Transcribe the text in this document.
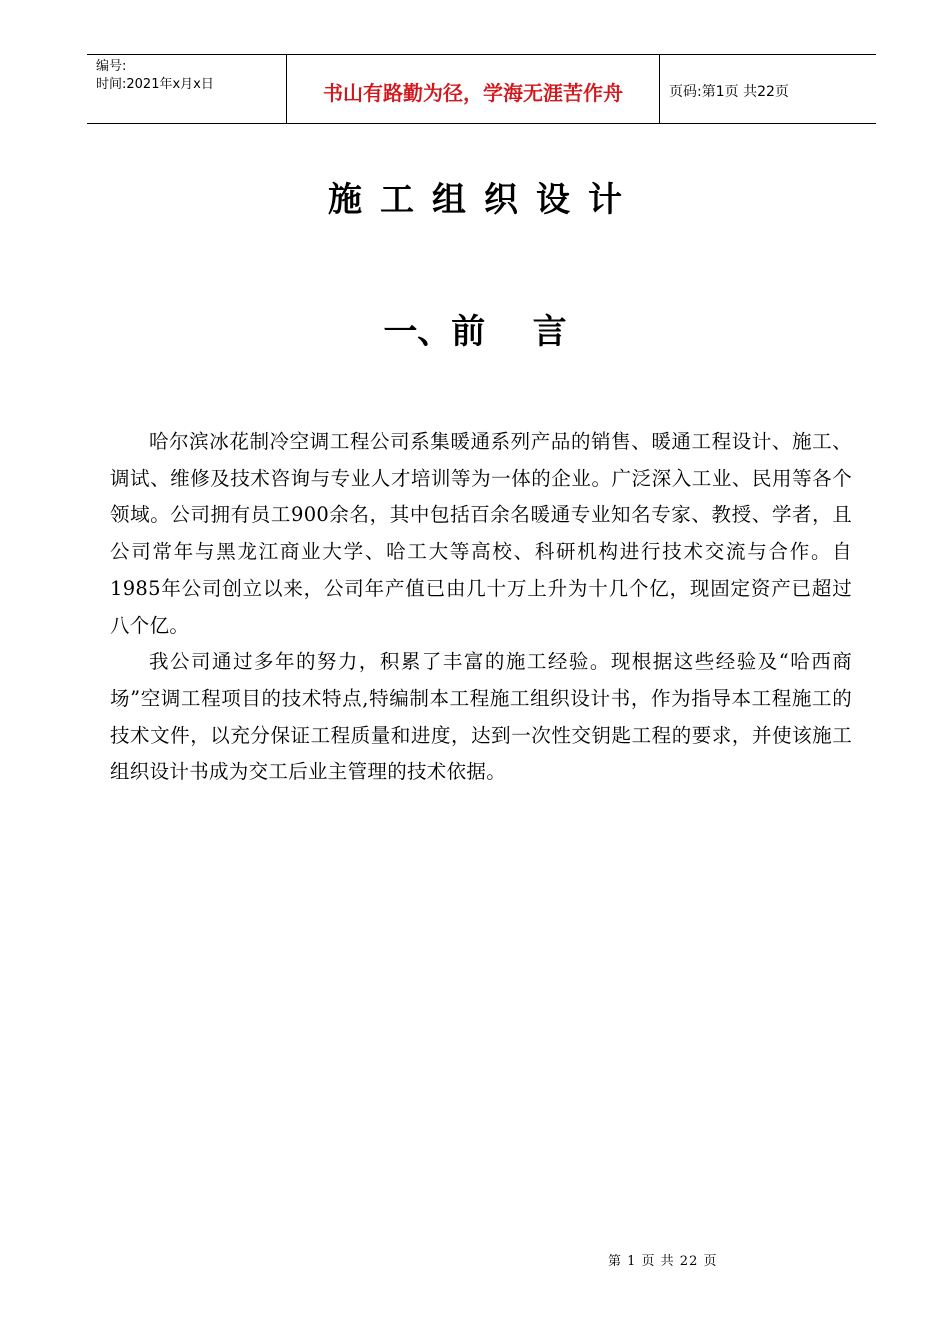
编号:
时间:2021年x月x日	书山有路勤为径，学海无涯苦作舟	页码:第1页 共22页
施工组织设计
一、前    言

哈尔滨冰花制冷空调工程公司系集暖通系列产品的销售、暖通工程设计、施工、调试、维修及技术咨询与专业人才培训等为一体的企业。广泛深入工业、民用等各个领域。公司拥有员工900余名，其中包括百余名暖通专业知名专家、教授、学者，且公司常年与黑龙江商业大学、哈工大等高校、科研机构进行技术交流与合作。自1985年公司创立以来，公司年产值已由几十万上升为十几个亿，现固定资产已超过八个亿。

我公司通过多年的努力，积累了丰富的施工经验。现根据这些经验及“哈西商场”空调工程项目的技术特点,特编制本工程施工组织设计书，作为指导本工程施工的技术文件，以充分保证工程质量和进度，达到一次性交钥匙工程的要求，并使该施工组织设计书成为交工后业主管理的技术依据。

第 1 页 共 22 页
